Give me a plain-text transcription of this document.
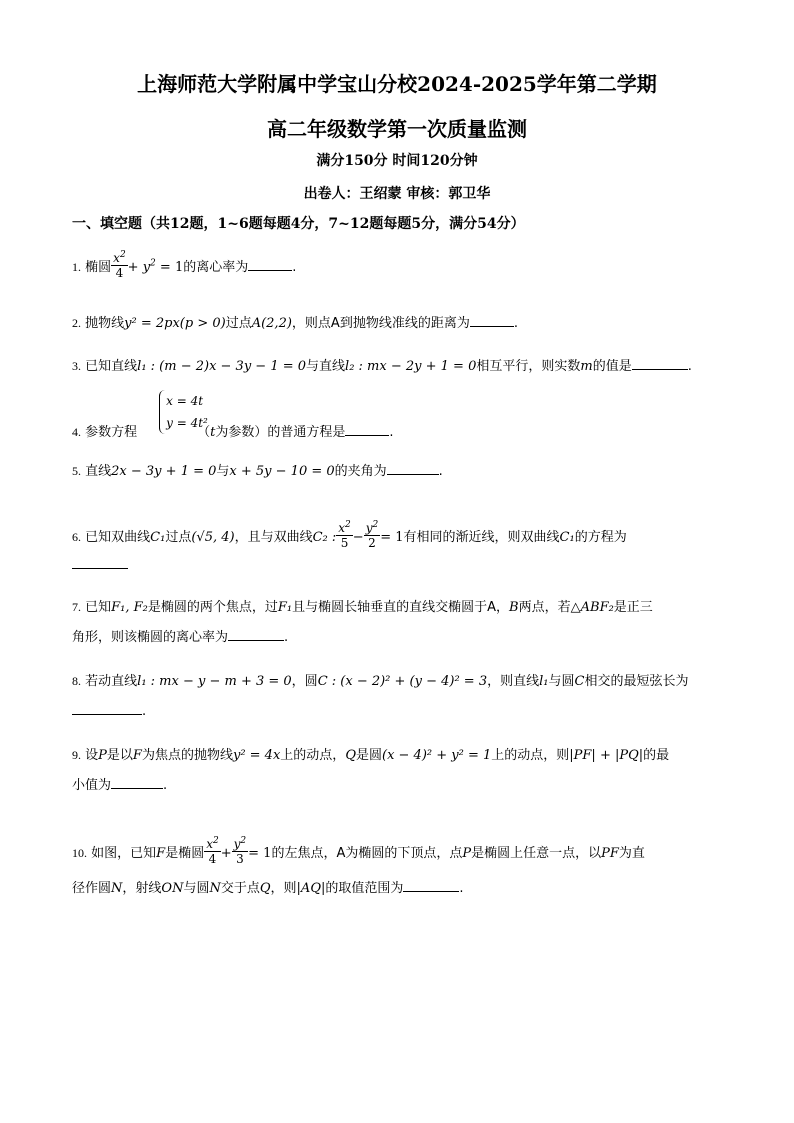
上海师范大学附属中学宝山分校2024-2025学年第二学期
高二年级数学第一次质量监测
满分150分 时间120分钟
出卷人：王绍蒙 审核：郭卫华
一、填空题（共12题，1~6题每题4分，7~12题每题5分，满分54分）
1. 椭圆 $\frac{x^2}{4} + y^2 = 1$的离心率为	.
2. 抛物线y² = 2px(p > 0)过点A(2,2)，则点A到抛物线准线的距离为	.
3. 已知直线l₁ : (m − 2)x − 3y − 1 = 0与直线l₂ : mx − 2y + 1 = 0相互平行，则实数m的值是	.

x = 4t
y = 4t²
4. 参数方程	（t为参数）的普通方程是	.
5. 直线2x − 3y + 1 = 0与x + 5y − 10 = 0的夹角为	.
6. 已知双曲线C₁过点(√5, 4)，且与双曲线C₂ : $\frac{x^2}{5} - \frac{y^2}{2} = 1$有相同的渐近线，则双曲线C₁的方程为
7. 已知F₁, F₂是椭圆的两个焦点，过F₁且与椭圆长轴垂直的直线交椭圆于A，B两点，若△ABF₂是正三
角形，则该椭圆的离心率为	.
8. 若动直线l₁ : mx − y − m + 3 = 0，圆C : (x − 2)² + (y − 4)² = 3，则直线l₁与圆C相交的最短弦长为
.
9. 设P是以F为焦点的抛物线y² = 4x上的动点，Q是圆(x − 4)² + y² = 1上的动点，则|PF| + |PQ|的最
小值为	.
10. 如图，已知F是椭圆 $\frac{x^2}{4} + \frac{y^2}{3} = 1$的左焦点，A为椭圆的下顶点，点P是椭圆上任意一点，以PF为直
径作圆N，射线ON与圆N交于点Q，则|AQ|的取值范围为	.
